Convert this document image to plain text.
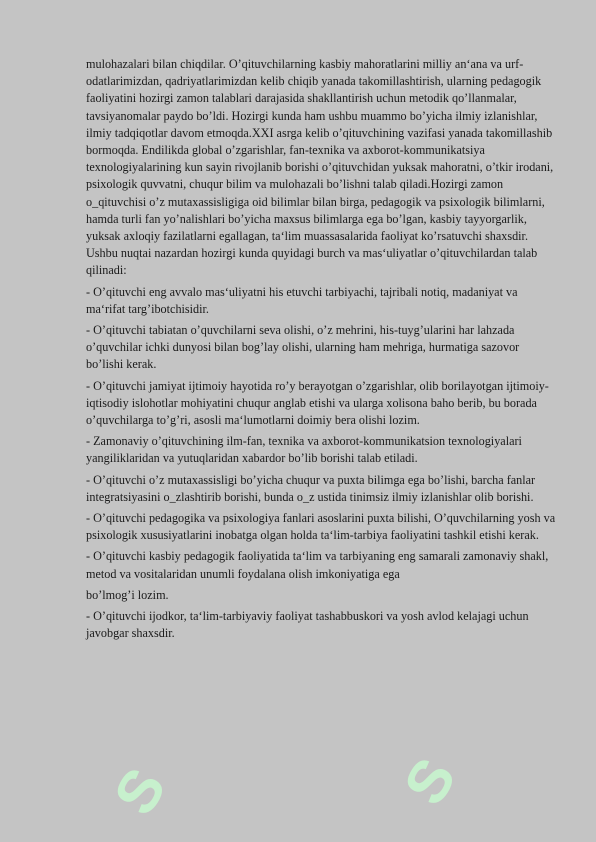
S	S

mulohazalari bilan chiqdilar. O’qituvchilarning kasbiy mahoratlarini milliy an‘ana va urf-odatlarimizdan, qadriyatlarimizdan kelib chiqib yanada takomillashtirish, ularning pedagogik faoliyatini hozirgi zamon talablari darajasida shakllantirish uchun metodik qo’llanmalar, tavsiyanomalar paydo bo’ldi. Hozirgi kunda ham ushbu muammo bo’yicha ilmiy izlanishlar, ilmiy tadqiqotlar davom etmoqda.XXI asrga kelib o’qituvchining vazifasi yanada takomillashib bormoqda. Endilikda global o’zgarishlar, fan-texnika va axborot-kommunikatsiya texnologiyalarining kun sayin rivojlanib borishi o’qituvchidan yuksak mahoratni, o’tkir irodani, psixologik quvvatni, chuqur bilim va mulohazali bo’lishni talab qiladi.Hozirgi zamon o_qituvchisi o’z mutaxassisligiga oid bilimlar bilan birga, pedagogik va psixologik bilimlarni, hamda turli fan yo’nalishlari bo’yicha maxsus bilimlarga ega bo’lgan, kasbiy tayyorgarlik, yuksak axloqiy fazilatlarni egallagan, ta‘lim muassasalarida faoliyat ko’rsatuvchi shaxsdir. Ushbu nuqtai nazardan hozirgi kunda quyidagi burch va mas‘uliyatlar o’qituvchilardan talab qilinadi:

- O’qituvchi eng avvalo mas‘uliyatni his etuvchi tarbiyachi, tajribali notiq, madaniyat va ma‘rifat targ’ibotchisidir.

- O’qituvchi tabiatan o’quvchilarni seva olishi, o’z mehrini, his-tuyg’ularini har lahzada o’quvchilar ichki dunyosi bilan bog’lay olishi, ularning ham mehriga, hurmatiga sazovor bo’lishi kerak.

- O’qituvchi jamiyat ijtimoiy hayotida ro’y berayotgan o’zgarishlar, olib borilayotgan ijtimoiy-iqtisodiy islohotlar mohiyatini chuqur anglab etishi va ularga xolisona baho berib, bu borada o’quvchilarga to’g’ri, asosli ma‘lumotlarni doimiy bera olishi lozim.

- Zamonaviy o’qituvchining ilm-fan, texnika va axborot-kommunikatsion texnologiyalari yangiliklaridan va yutuqlaridan xabardor bo’lib borishi talab etiladi.

- O’qituvchi o’z mutaxassisligi bo’yicha chuqur va puxta bilimga ega bo’lishi, barcha fanlar integratsiyasini o_zlashtirib borishi, bunda o_z ustida tinimsiz ilmiy izlanishlar olib borishi.

- O’qituvchi pedagogika va psixologiya fanlari asoslarini puxta bilishi, O’quvchilarning yosh va psixologik xususiyatlarini inobatga olgan holda ta‘lim-tarbiya faoliyatini tashkil etishi kerak.

- O’qituvchi kasbiy pedagogik faoliyatida ta‘lim va tarbiyaning eng samarali zamonaviy shakl, metod va vositalaridan unumli foydalana olish imkoniyatiga ega

bo’lmog’i lozim.

- O’qituvchi ijodkor, ta‘lim-tarbiyaviy faoliyat tashabbuskori va yosh avlod kelajagi uchun javobgar shaxsdir.
